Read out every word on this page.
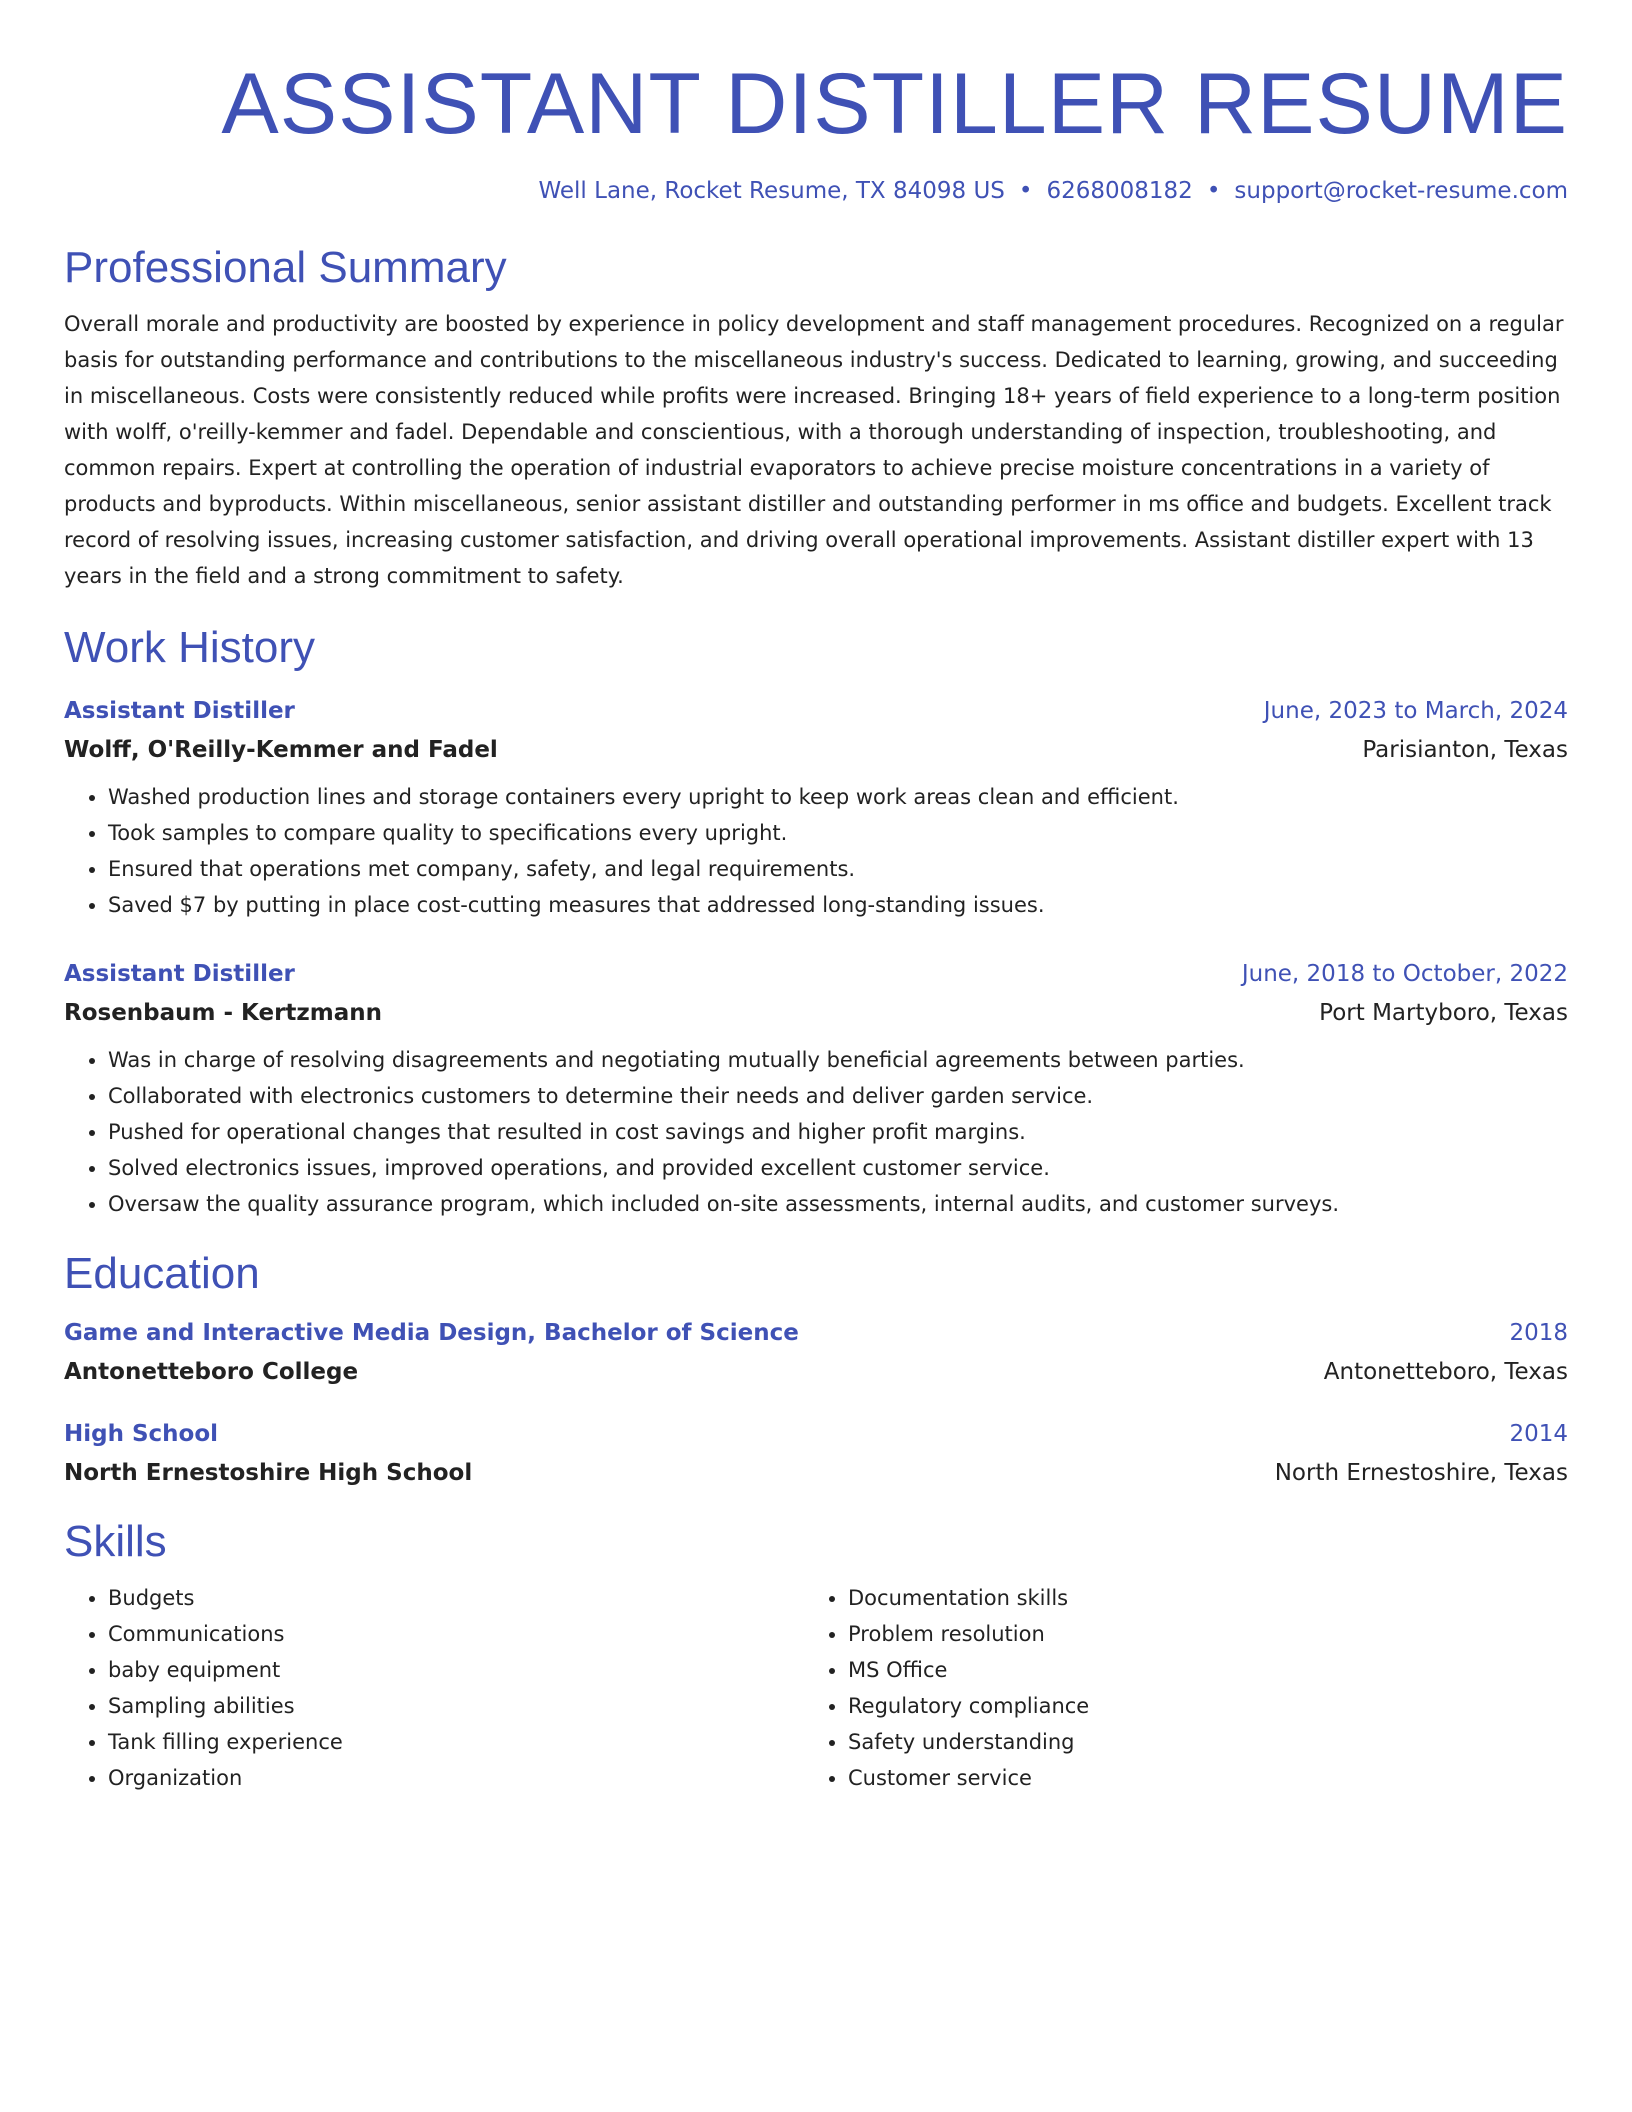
ASSISTANT DISTILLER RESUME
Well Lane, Rocket Resume, TX 84098 US • 6268008182 • support@rocket-resume.com
Professional Summary
Overall morale and productivity are boosted by experience in policy development and staff management procedures. Recognized on a regular basis for outstanding performance and contributions to the miscellaneous industry's success. Dedicated to learning, growing, and succeeding in miscellaneous. Costs were consistently reduced while profits were increased. Bringing 18+ years of field experience to a long-term position with wolff, o'reilly-kemmer and fadel. Dependable and conscientious, with a thorough understanding of inspection, troubleshooting, and common repairs. Expert at controlling the operation of industrial evaporators to achieve precise moisture concentrations in a variety of products and byproducts. Within miscellaneous, senior assistant distiller and outstanding performer in ms office and budgets. Excellent track record of resolving issues, increasing customer satisfaction, and driving overall operational improvements. Assistant distiller expert with 13 years in the field and a strong commitment to safety.
Work History
Assistant Distiller	June, 2023 to March, 2024
Wolff, O'Reilly-Kemmer and Fadel	Parisianton, Texas
• Washed production lines and storage containers every upright to keep work areas clean and efficient.
• Took samples to compare quality to specifications every upright.
• Ensured that operations met company, safety, and legal requirements.
• Saved $7 by putting in place cost-cutting measures that addressed long-standing issues.
Assistant Distiller	June, 2018 to October, 2022
Rosenbaum - Kertzmann	Port Martyboro, Texas
• Was in charge of resolving disagreements and negotiating mutually beneficial agreements between parties.
• Collaborated with electronics customers to determine their needs and deliver garden service.
• Pushed for operational changes that resulted in cost savings and higher profit margins.
• Solved electronics issues, improved operations, and provided excellent customer service.
• Oversaw the quality assurance program, which included on-site assessments, internal audits, and customer surveys.
Education
Game and Interactive Media Design, Bachelor of Science	2018
Antonetteboro College	Antonetteboro, Texas
High School	2014
North Ernestoshire High School	North Ernestoshire, Texas
Skills
• Budgets
• Communications
• baby equipment
• Sampling abilities
• Tank filling experience
• Organization
• Documentation skills
• Problem resolution
• MS Office
• Regulatory compliance
• Safety understanding
• Customer service
